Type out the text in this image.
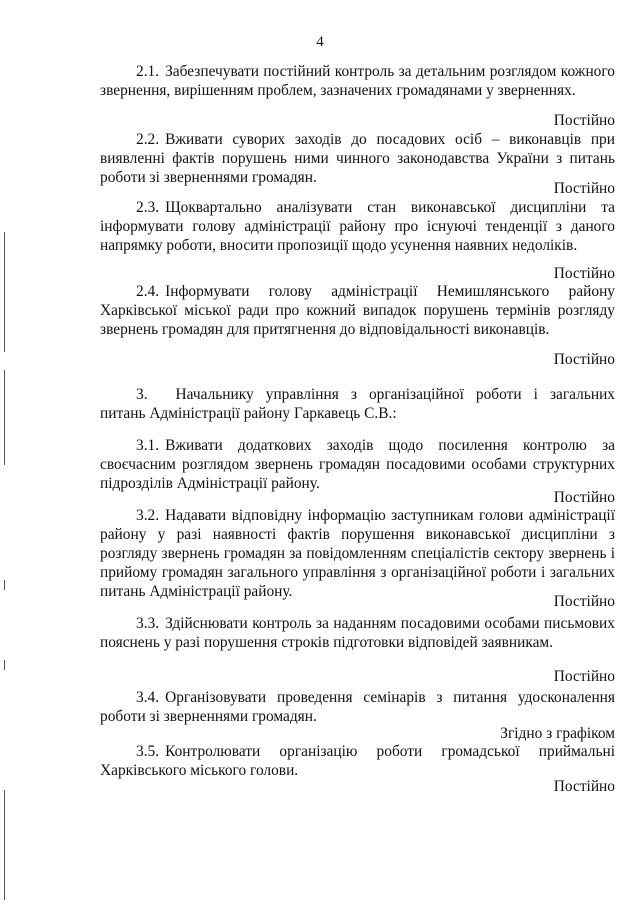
4

2.1. Забезпечувати постійний контроль за детальним розглядом кожного звернення, вирішенням проблем, зазначених громадянами у зверненнях.

Постійно

2.2. Вживати суворих заходів до посадових осіб – виконавців при виявленні фактів порушень ними чинного законодавства України з питань роботи зі зверненнями громадян.

Постійно

2.3. Щоквартально аналізувати стан виконавської дисципліни та інформувати голову адміністрації району про існуючі тенденції з даного напрямку роботи, вносити пропозиції щодо усунення наявних недоліків.

Постійно

2.4. Інформувати голову адміністрації Немишлянського району Харківської міської ради про кожний випадок порушень термінів розгляду звернень громадян для притягнення до відповідальності виконавців.

Постійно

3. Начальнику управління з організаційної роботи і загальних питань Адміністрації району Гаркавець С.В.:

3.1. Вживати додаткових заходів щодо посилення контролю за своєчасним розглядом звернень громадян посадовими особами структурних підрозділів Адміністрації району.

Постійно

3.2. Надавати відповідну інформацію заступникам голови адміністрації району у разі наявності фактів порушення виконавської дисципліни з розгляду звернень громадян за повідомленням спеціалістів сектору звернень і прийому громадян загального управління з організаційної роботи і загальних питань Адміністрації району.

Постійно

3.3. Здійснювати контроль за наданням посадовими особами письмових пояснень у разі порушення строків підготовки відповідей заявникам.

Постійно

3.4. Організовувати проведення семінарів з питання удосконалення роботи зі зверненнями громадян.

Згідно з графіком

3.5. Контролювати організацію роботи громадської приймальні Харківського міського голови.

Постійно
